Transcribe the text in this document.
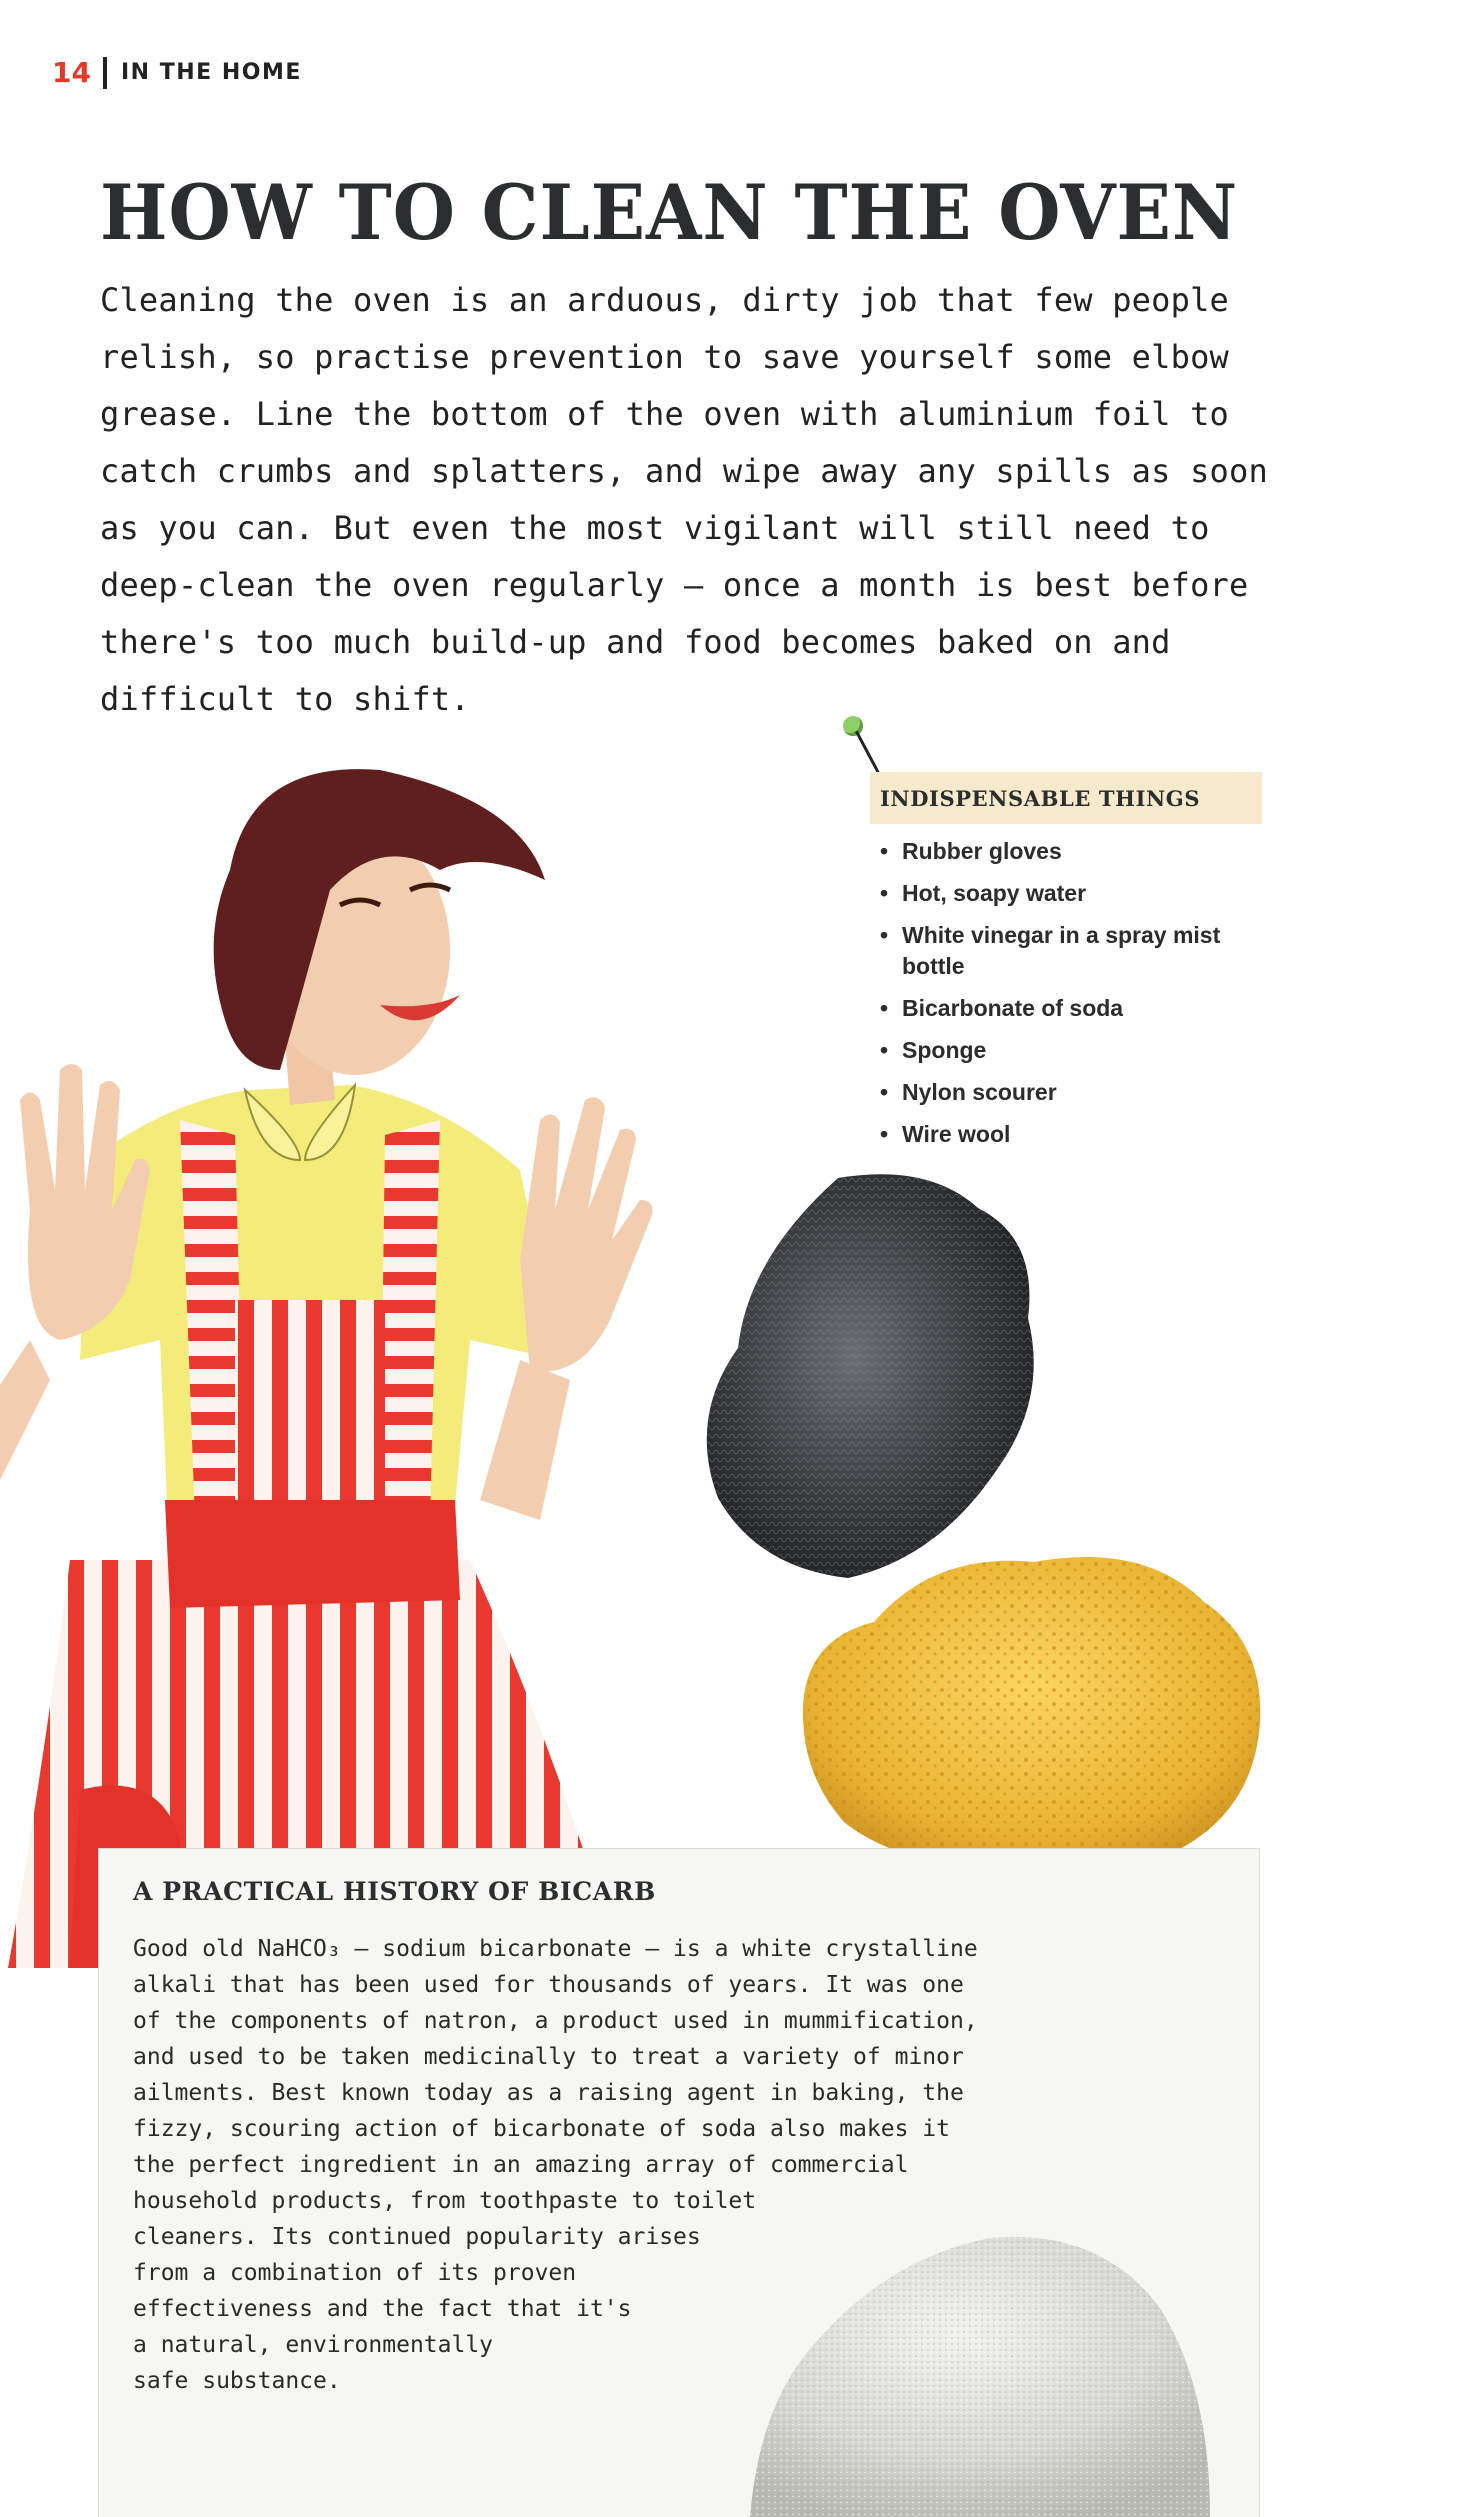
14 IN THE HOME
HOW TO CLEAN THE OVEN

Cleaning the oven is an arduous, dirty job that few people relish, so practise prevention to save yourself some elbow grease. Line the bottom of the oven with aluminium foil to catch crumbs and splatters, and wipe away any spills as soon as you can. But even the most vigilant will still need to deep-clean the oven regularly – once a month is best before there's too much build-up and food becomes baked on and difficult to shift.

INDISPENSABLE THINGS
• Rubber gloves
• Hot, soapy water
• White vinegar in a spray mist bottle
• Bicarbonate of soda
• Sponge
• Nylon scourer
• Wire wool
A PRACTICAL HISTORY OF BICARB

Good old NaHCO₃ – sodium bicarbonate – is a white crystalline
alkali that has been used for thousands of years. It was one
of the components of natron, a product used in mummification,
and used to be taken medicinally to treat a variety of minor
ailments. Best known today as a raising agent in baking, the
fizzy, scouring action of bicarbonate of soda also makes it
the perfect ingredient in an amazing array of commercial
household products, from toothpaste to toilet
cleaners. Its continued popularity arises
from a combination of its proven
effectiveness and the fact that it's
a natural, environmentally
safe substance.
